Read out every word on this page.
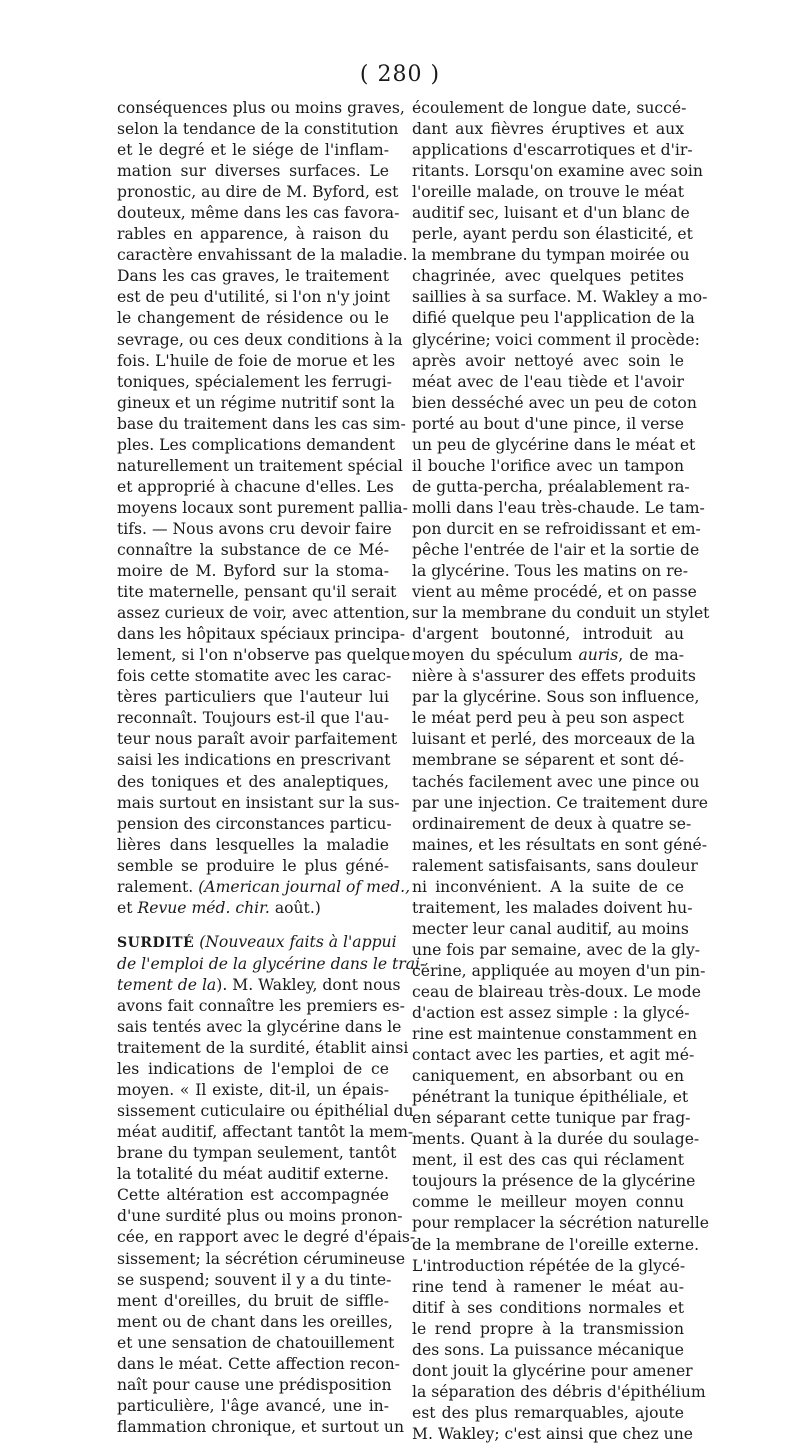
( 280 )

conséquences plus ou moins graves,
selon la tendance de la constitution
et le degré et le siége de l'inflam-
mation sur diverses surfaces. Le
pronostic, au dire de M. Byford, est
douteux, même dans les cas favora-
rables en apparence, à raison du
caractère envahissant de la maladie.
Dans les cas graves, le traitement
est de peu d'utilité, si l'on n'y joint
le changement de résidence ou le
sevrage, ou ces deux conditions à la
fois. L'huile de foie de morue et les
toniques, spécialement les ferrugi-
gineux et un régime nutritif sont la
base du traitement dans les cas sim-
ples. Les complications demandent
naturellement un traitement spécial
et approprié à chacune d'elles. Les
moyens locaux sont purement pallia-
tifs. — Nous avons cru devoir faire
connaître la substance de ce Mé-
moire de M. Byford sur la stoma-
tite maternelle, pensant qu'il serait
assez curieux de voir, avec attention,
dans les hôpitaux spéciaux principa-
lement, si l'on n'observe pas quelque
fois cette stomatite avec les carac-
tères particuliers que l'auteur lui
reconnaît. Toujours est-il que l'au-
teur nous paraît avoir parfaitement
saisi les indications en prescrivant
des toniques et des analeptiques,
mais surtout en insistant sur la sus-
pension des circonstances particu-
lières dans lesquelles la maladie
semble se produire le plus géné-

ralement. (American journal of med.,
et Revue méd. chir. août.)

SURDITÉ (Nouveaux faits à l'appui
de l'emploi de la glycérine dans le trai-
tement de la). M. Wakley, dont nous

avons fait connaître les premiers es-
sais tentés avec la glycérine dans le
traitement de la surdité, établit ainsi
les indications de l'emploi de ce
moyen. « Il existe, dit-il, un épais-
sissement cuticulaire ou épithélial du
méat auditif, affectant tantôt la mem-
brane du tympan seulement, tantôt
la totalité du méat auditif externe.
Cette altération est accompagnée
d'une surdité plus ou moins pronon-
cée, en rapport avec le degré d'épais-
sissement; la sécrétion cérumineuse
se suspend; souvent il y a du tinte-
ment d'oreilles, du bruit de siffle-
ment ou de chant dans les oreilles,
et une sensation de chatouillement
dans le méat. Cette affection recon-
naît pour cause une prédisposition
particulière, l'âge avancé, une in-
flammation chronique, et surtout un

écoulement de longue date, succé-
dant aux fièvres éruptives et aux
applications d'escarrotiques et d'ir-
ritants. Lorsqu'on examine avec soin
l'oreille malade, on trouve le méat
auditif sec, luisant et d'un blanc de
perle, ayant perdu son élasticité, et
la membrane du tympan moirée ou
chagrinée, avec quelques petites
saillies à sa surface. M. Wakley a mo-
difié quelque peu l'application de la
glycérine; voici comment il procède:
après avoir nettoyé avec soin le
méat avec de l'eau tiède et l'avoir
bien desséché avec un peu de coton
porté au bout d'une pince, il verse
un peu de glycérine dans le méat et
il bouche l'orifice avec un tampon
de gutta-percha, préalablement ra-
molli dans l'eau très-chaude. Le tam-
pon durcit en se refroidissant et em-
pêche l'entrée de l'air et la sortie de
la glycérine. Tous les matins on re-
vient au même procédé, et on passe
sur la membrane du conduit un stylet
d'argent boutonné, introduit au
moyen du spéculum auris, de ma-
nière à s'assurer des effets produits
par la glycérine. Sous son influence,
le méat perd peu à peu son aspect
luisant et perlé, des morceaux de la
membrane se séparent et sont dé-
tachés facilement avec une pince ou
par une injection. Ce traitement dure
ordinairement de deux à quatre se-
maines, et les résultats en sont géné-
ralement satisfaisants, sans douleur
ni inconvénient. A la suite de ce
traitement, les malades doivent hu-
mecter leur canal auditif, au moins
une fois par semaine, avec de la gly-
cérine, appliquée au moyen d'un pin-
ceau de blaireau très-doux. Le mode
d'action est assez simple : la glycé-
rine est maintenue constamment en
contact avec les parties, et agit mé-
caniquement, en absorbant ou en
pénétrant la tunique épithéliale, et
en séparant cette tunique par frag-
ments. Quant à la durée du soulage-
ment, il est des cas qui réclament
toujours la présence de la glycérine
comme le meilleur moyen connu
pour remplacer la sécrétion naturelle
de la membrane de l'oreille externe.
L'introduction répétée de la glycé-
rine tend à ramener le méat au-
ditif à ses conditions normales et
le rend propre à la transmission
des sons. La puissance mécanique
dont jouit la glycérine pour amener
la séparation des débris d'épithélium
est des plus remarquables, ajoute
M. Wakley; c'est ainsi que chez une
